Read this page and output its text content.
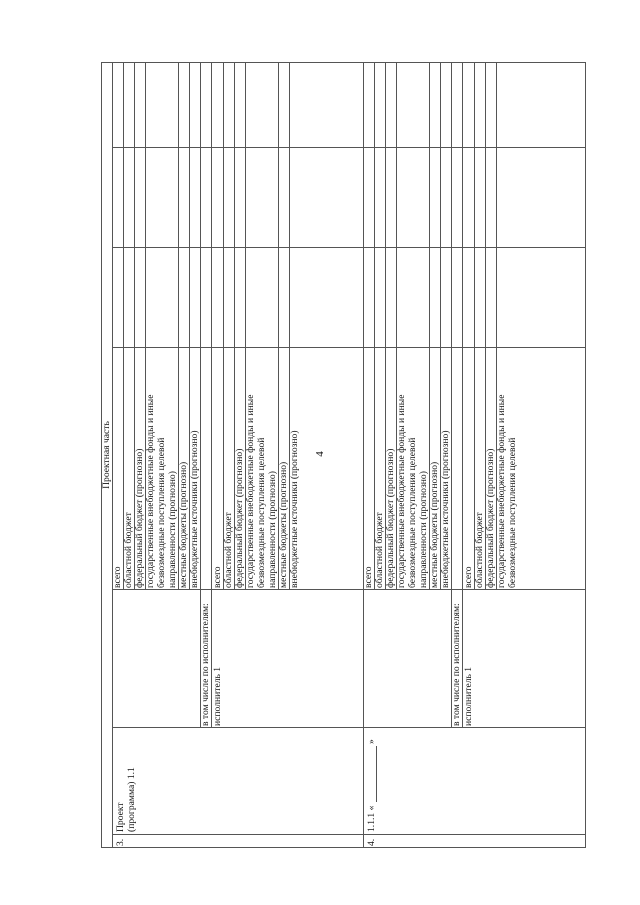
4
Проектная часть
3.
Проект (программа) 1.1
всего областной бюджет федеральный бюджет (прогнозно) государственные внебюджетные фонды и иные безвозмездные поступления целевой направленности (прогнозно) местные бюджеты (прогнозно) внебюджетные источники (прогнозно)
в том числе по исполнителям: исполнитель 1
всего областной бюджет федеральный бюджет (прогнозно) государственные внебюджетные фонды и иные безвозмездные поступления целевой направленности (прогнозно) местные бюджеты (прогнозно) внебюджетные источники (прогнозно)
4.
1.1.1 «
»
всего областной бюджет федеральный бюджет (прогнозно) государственные внебюджетные фонды и иные безвозмездные поступления целевой направленности (прогнозно) местные бюджеты (прогнозно) внебюджетные источники (прогнозно)
в том числе по исполнителям: исполнитель 1
всего областной бюджет федеральный бюджет (прогнозно) государственные внебюджетные фонды и иные безвозмездные поступления целевой
